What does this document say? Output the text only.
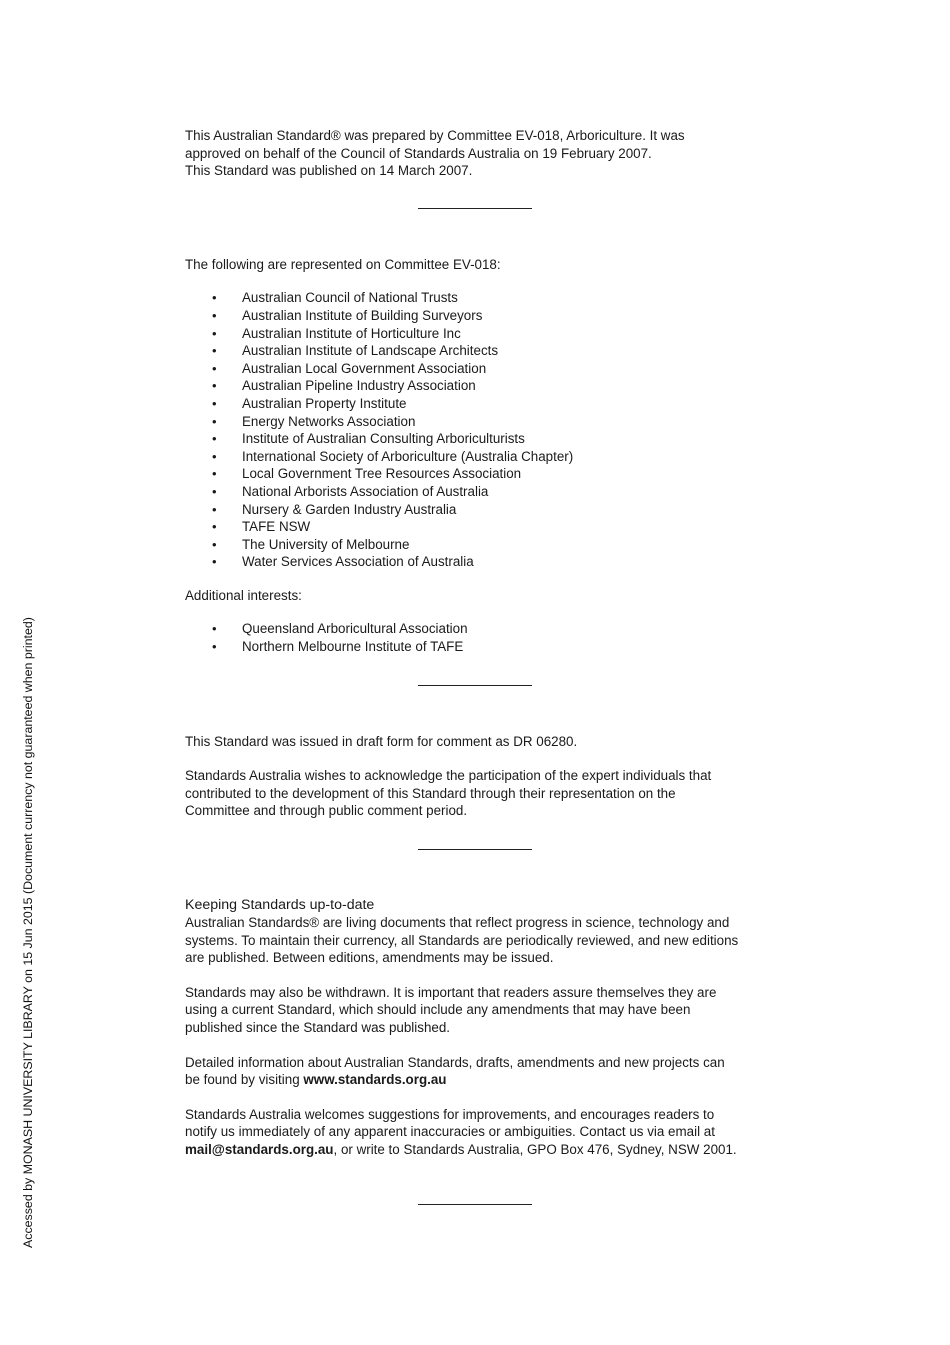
Accessed by MONASH UNIVERSITY LIBRARY on 15 Jun 2015 (Document currency not guaranteed when printed)

This Australian Standard® was prepared by Committee EV-018, Arboriculture. It was
approved on behalf of the Council of Standards Australia on 19 February 2007.
This Standard was published on 14 March 2007.

The following are represented on Committee EV-018:

• Australian Council of National Trusts
• Australian Institute of Building Surveyors
• Australian Institute of Horticulture Inc
• Australian Institute of Landscape Architects
• Australian Local Government Association
• Australian Pipeline Industry Association
• Australian Property Institute
• Energy Networks Association
• Institute of Australian Consulting Arboriculturists
• International Society of Arboriculture (Australia Chapter)
• Local Government Tree Resources Association
• National Arborists Association of Australia
• Nursery & Garden Industry Australia
• TAFE NSW
• The University of Melbourne
• Water Services Association of Australia

Additional interests:

• Queensland Arboricultural Association
• Northern Melbourne Institute of TAFE

This Standard was issued in draft form for comment as DR 06280.

Standards Australia wishes to acknowledge the participation of the expert individuals that
contributed to the development of this Standard through their representation on the
Committee and through public comment period.

Keeping Standards up-to-date

Australian Standards® are living documents that reflect progress in science, technology and
systems. To maintain their currency, all Standards are periodically reviewed, and new editions
are published. Between editions, amendments may be issued.

Standards may also be withdrawn. It is important that readers assure themselves they are
using a current Standard, which should include any amendments that may have been
published since the Standard was published.

Detailed information about Australian Standards, drafts, amendments and new projects can
be found by visiting www.standards.org.au

Standards Australia welcomes suggestions for improvements, and encourages readers to
notify us immediately of any apparent inaccuracies or ambiguities. Contact us via email at
mail@standards.org.au, or write to Standards Australia, GPO Box 476, Sydney, NSW 2001.
